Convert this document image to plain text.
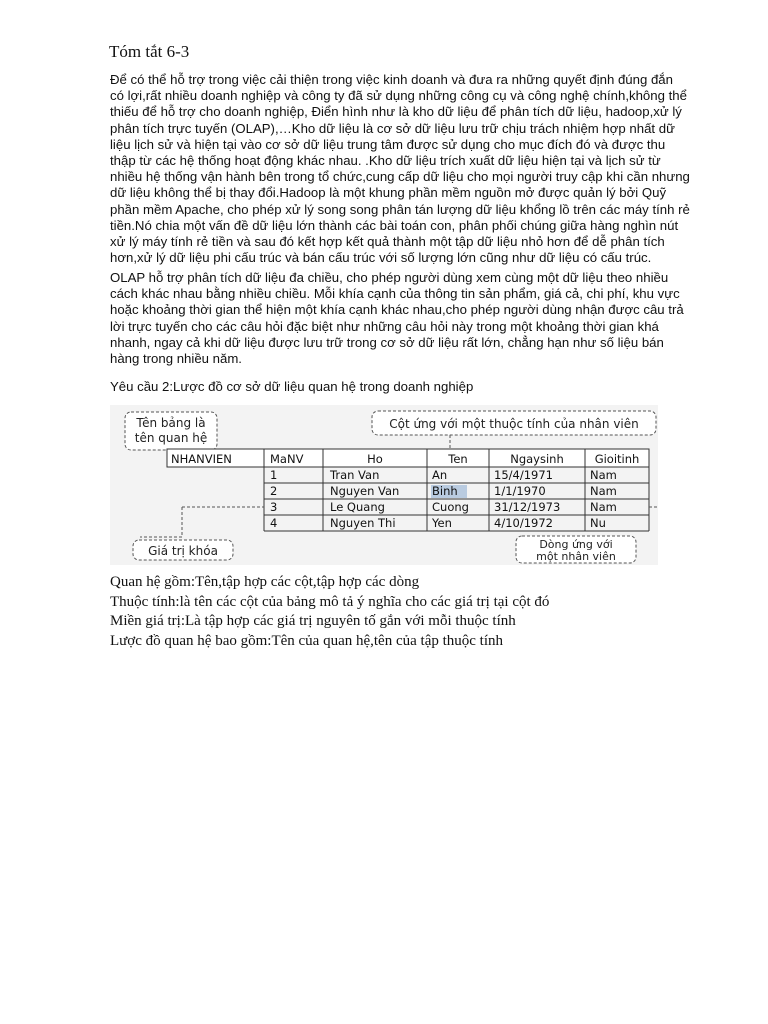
Tóm tắt 6-3
Để có thể hỗ trợ trong việc cải thiện trong việc kinh doanh và đưa ra những quyết định đúng đắn có lợi,rất nhiều doanh nghiệp và công ty đã sử dụng những công cụ và công nghệ chính,không thể thiếu để hỗ trợ cho doanh nghiệp, Điển hình như là kho dữ liệu để phân tích dữ liệu, hadoop,xử lý phân tích trực tuyến (OLAP),…Kho dữ liệu là cơ sở dữ liệu lưu trữ chịu trách nhiệm hợp nhất dữ liệu lịch sử và hiện tại vào cơ sở dữ liệu trung tâm được sử dụng cho mục đích đó và được thu thập từ các hệ thống hoạt động khác nhau. .Kho dữ liệu trích xuất dữ liệu hiện tại và lịch sử từ nhiều hệ thống vận hành bên trong tổ chức,cung cấp dữ liệu cho mọi người truy cập khi cần nhưng dữ liệu không thể bị thay đổi.Hadoop là một khung phần mềm nguồn mở được quản lý bởi Quỹ phần mềm Apache, cho phép xử lý song song phân tán lượng dữ liệu khổng lồ trên các máy tính rẻ tiền.Nó chia một vấn đề dữ liệu lớn thành các bài toán con, phân phối chúng giữa hàng nghìn nút xử lý máy tính rẻ tiền và sau đó kết hợp kết quả thành một tập dữ liệu nhỏ hơn để dễ phân tích hơn,xử lý dữ liệu phi cấu trúc và bán cấu trúc với số lượng lớn cũng như dữ liệu có cấu trúc.
OLAP hỗ trợ phân tích dữ liệu đa chiều, cho phép người dùng xem cùng một dữ liệu theo nhiều cách khác nhau bằng nhiều chiều. Mỗi khía cạnh của thông tin sản phẩm, giá cả, chi phí, khu vực hoặc khoảng thời gian thể hiện một khía cạnh khác nhau,cho phép người dùng nhận được câu trả lời trực tuyến cho các câu hỏi đặc biệt như những câu hỏi này trong một khoảng thời gian khá nhanh, ngay cả khi dữ liệu được lưu trữ trong cơ sở dữ liệu rất lớn, chẳng hạn như số liệu bán hàng trong nhiều năm.
Yêu cầu 2:Lược đồ cơ sở dữ liệu quan hệ trong doanh nghiệp
Tên bảng là
tên quan hệ
Cột ứng với một thuộc tính của nhân viên
NHANVIEN	MaNV	Ho	Ten	Ngaysinh	Gioitinh
1	Tran Van	An	15/4/1971	Nam
2	Nguyen Van	Binh	1/1/1970	Nam
3	Le Quang	Cuong 31/12/1973	Nam
4	Nguyen Thi	Yen	4/10/1972	Nu
Giá trị khóa	Dòng ứng với
một nhân viên
Quan hệ gồm:Tên,tập hợp các cột,tập hợp các dòng
Thuộc tính:là tên các cột của bảng mô tả ý nghĩa cho các giá trị tại cột đó
Miền giá trị:Là tập hợp các giá trị nguyên tố gắn với mỗi thuộc tính
Lược đồ quan hệ bao gồm:Tên của quan hệ,tên của tập thuộc tính
